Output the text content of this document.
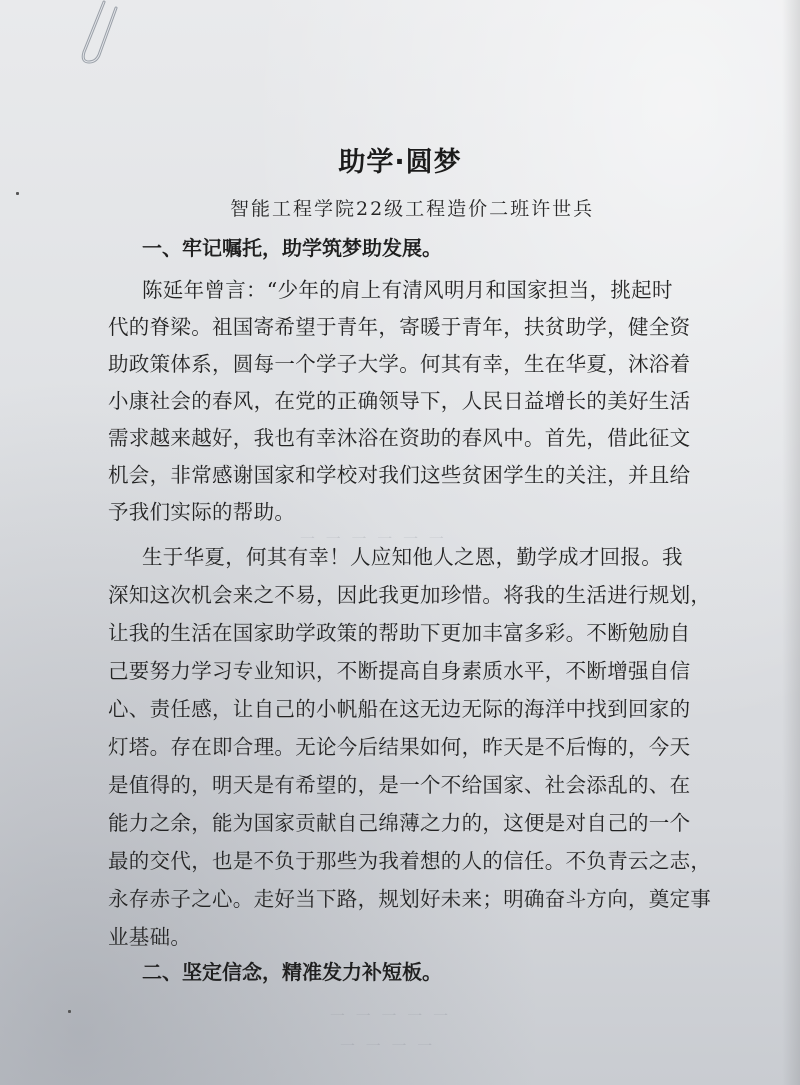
一 一 一 一 一 一
一 一 一 一 一
一 一 一 一
助学·圆梦
智能工程学院22级工程造价二班许世兵
一、牢记嘱托，助学筑梦助发展。
陈延年曾言：“少年的肩上有清风明月和国家担当，挑起时
代的脊梁。祖国寄希望于青年，寄暖于青年，扶贫助学，健全资
助政策体系，圆每一个学子大学。何其有幸，生在华夏，沐浴着
小康社会的春风，在党的正确领导下，人民日益增长的美好生活
需求越来越好，我也有幸沐浴在资助的春风中。首先，借此征文
机会，非常感谢国家和学校对我们这些贫困学生的关注，并且给
予我们实际的帮助。
生于华夏，何其有幸！人应知他人之恩，勤学成才回报。我
深知这次机会来之不易，因此我更加珍惜。将我的生活进行规划，
让我的生活在国家助学政策的帮助下更加丰富多彩。不断勉励自
己要努力学习专业知识，不断提高自身素质水平，不断增强自信
心、责任感，让自己的小帆船在这无边无际的海洋中找到回家的
灯塔。存在即合理。无论今后结果如何，昨天是不后悔的，今天
是值得的，明天是有希望的，是一个不给国家、社会添乱的、在
能力之余，能为国家贡献自己绵薄之力的，这便是对自己的一个
最的交代，也是不负于那些为我着想的人的信任。不负青云之志，
永存赤子之心。走好当下路，规划好未来；明确奋斗方向，奠定事
业基础。
二、坚定信念，精准发力补短板。
